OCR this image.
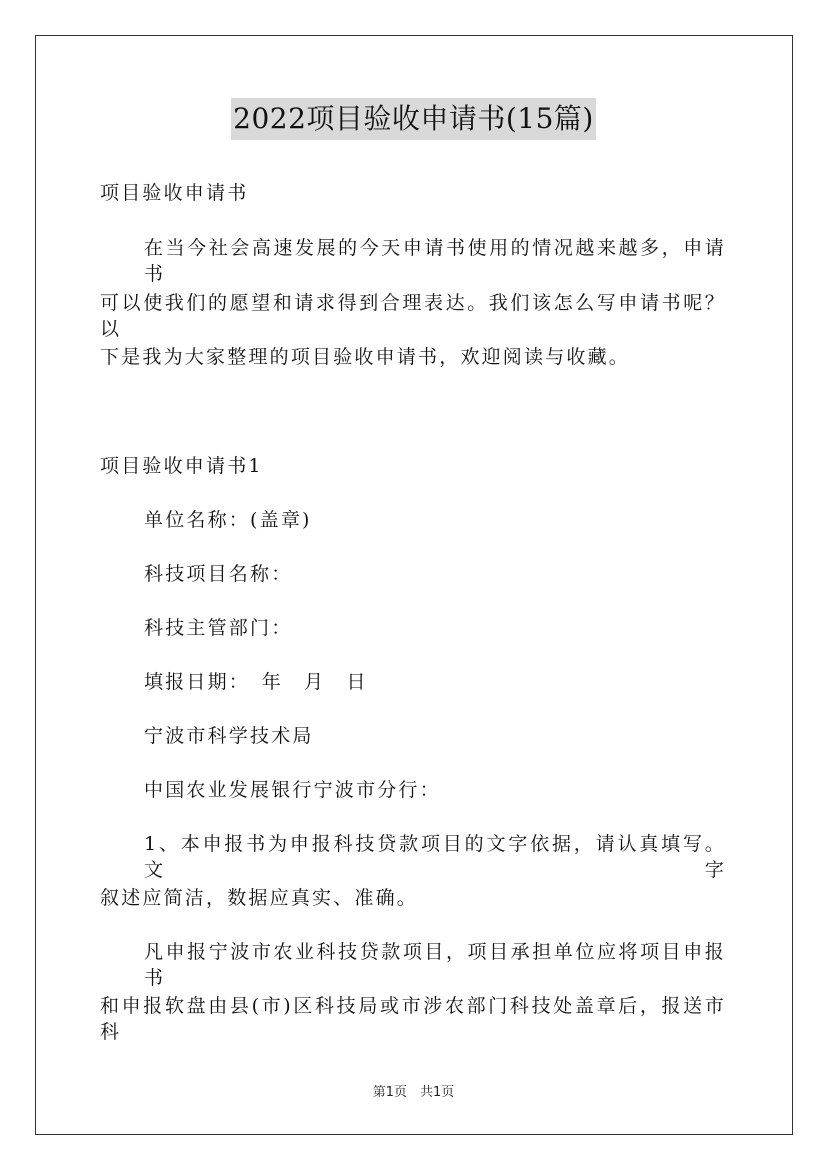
2022项目验收申请书(15篇)
项目验收申请书
在当今社会高速发展的今天申请书使用的情况越来越多，申请书
可以使我们的愿望和请求得到合理表达。我们该怎么写申请书呢？以
下是我为大家整理的项目验收申请书，欢迎阅读与收藏。
项目验收申请书1
单位名称：(盖章)
科技项目名称：
科技主管部门：
填报日期：　年　月　日
宁波市科学技术局
中国农业发展银行宁波市分行：
1、本申报书为申报科技贷款项目的文字依据，请认真填写。文字
叙述应简洁，数据应真实、准确。
凡申报宁波市农业科技贷款项目，项目承担单位应将项目申报书
和申报软盘由县(市)区科技局或市涉农部门科技处盖章后，报送市科
第1页　共1页
